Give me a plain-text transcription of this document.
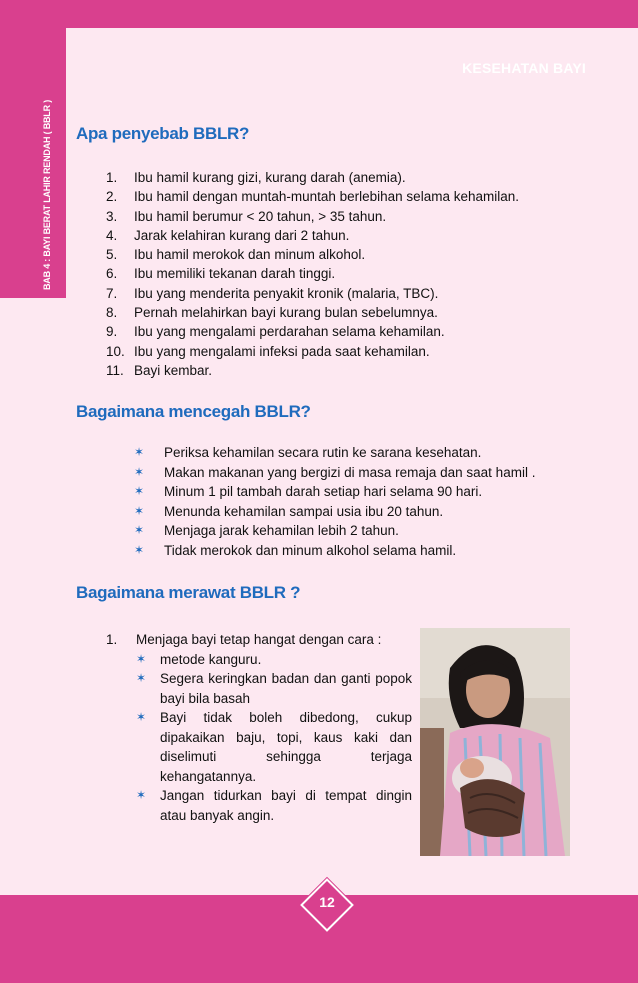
BAB 4 : BAYI BERAT LAHIR RENDAH ( BBLR )
KESEHATAN BAYI
Apa penyebab BBLR?
1.	Ibu hamil kurang gizi, kurang darah (anemia).
2.	Ibu hamil dengan muntah-muntah berlebihan selama kehamilan.
3.	Ibu hamil berumur < 20 tahun, > 35 tahun.
4.	Jarak kelahiran kurang dari 2 tahun.
5.	Ibu hamil merokok dan minum alkohol.
6.	Ibu memiliki tekanan darah tinggi.
7.	Ibu yang menderita penyakit kronik (malaria, TBC).
8.	Pernah melahirkan bayi kurang bulan sebelumnya.
9.	Ibu yang mengalami perdarahan selama kehamilan.
10. Ibu yang mengalami infeksi pada saat kehamilan.
11. Bayi kembar.
Bagaimana mencegah BBLR?
✶	Periksa kehamilan secara rutin ke sarana kesehatan.
✶	Makan makanan yang bergizi di masa remaja dan saat hamil .
✶	Minum 1 pil tambah darah setiap hari selama 90 hari.
✶	Menunda kehamilan sampai usia ibu 20 tahun.
✶	Menjaga jarak kehamilan lebih 2 tahun.
✶	Tidak merokok dan minum alkohol selama hamil.
Bagaimana merawat BBLR ?
1.	Menjaga bayi tetap hangat dengan cara :
✶	metode kanguru.
✶	Segera keringkan badan dan ganti popok bayi bila basah
✶	Bayi tidak boleh dibedong, cukup dipakaikan baju, topi, kaus kaki dan diselimuti sehingga terjaga kehangatannya.
✶	Jangan tidurkan bayi di tempat dingin atau banyak angin.
12
